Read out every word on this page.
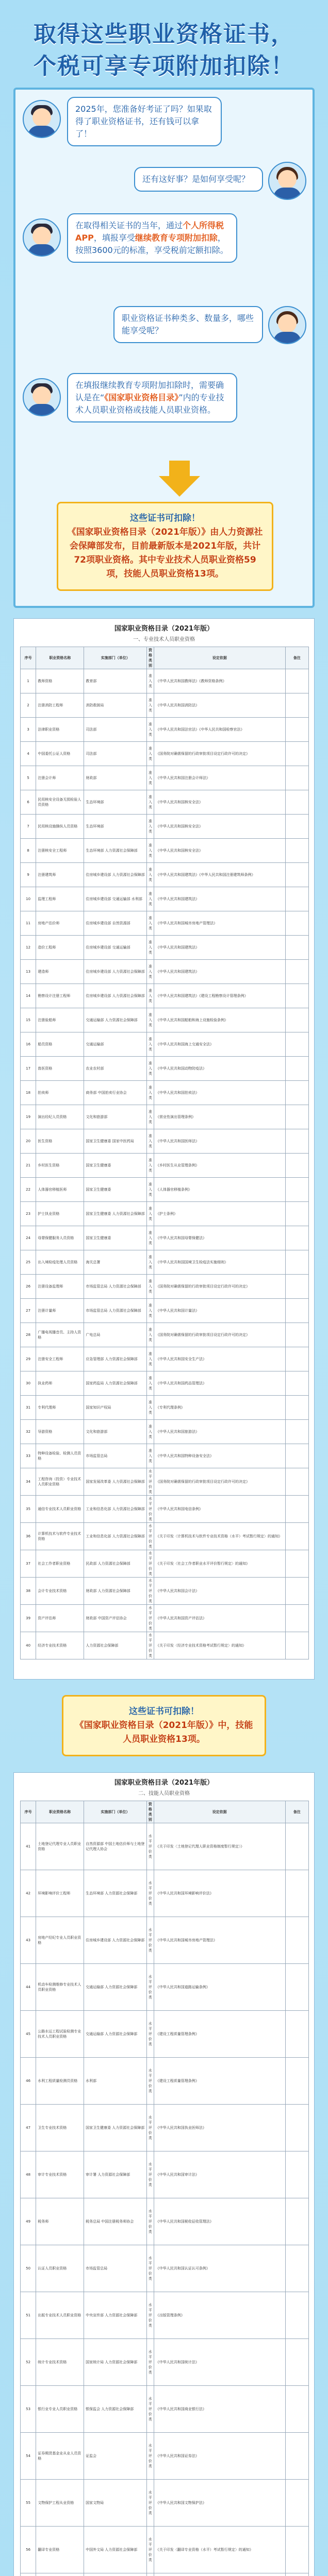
取得这些职业资格证书，
个税可享专项附加扣除！
2025年，您准备好考证了吗？如果取得了职业资格证书，还有钱可以拿了！
还有这好事？是如何享受呢？
在取得相关证书的当年，通过个人所得税APP，填报享受继续教育专项附加扣除，按照3600元的标准，享受税前定额扣除。
职业资格证书种类多、数量多，哪些能享受呢？
在填报继续教育专项附加扣除时，需要确认是在“《国家职业资格目录》”内的专业技术人员职业资格或技能人员职业资格。
这些证书可扣除！
《国家职业资格目录（2021年版）》由人力资源社会保障部发布，目前最新版本是2021年版，共计72项职业资格。其中专业技术人员职业资格59项，技能人员职业资格13项。
国家职业资格目录（2021年版）
一、专业技术人员职业资格
序号	职业资格名称	实施部门（单位）	资格类别	设定依据	备注
1	教师资格	教育部	准入类	《中华人民共和国教师法》《教师资格条例》	
2	注册消防工程师	消防救援局	准入类	《中华人民共和国消防法》	
3	法律职业资格	司法部	准入类	《中华人民共和国法官法》《中华人民共和国检察官法》	
4	中国委托公证人资格	司法部	准入类	《国务院对确需保留的行政审批项目设定行政许可的决定》	
5	注册会计师	财政部	准入类	《中华人民共和国注册会计师法》	
6	民用核安全设备无损检验人员资格	生态环境部	准入类	《中华人民共和国核安全法》	
7	民用核设施操纵人员资格	生态环境部	准入类	《中华人民共和国核安全法》	
8	注册核安全工程师	生态环境部 人力资源社会保障部	准入类	《中华人民共和国核安全法》	
9	注册建筑师	住房城乡建设部 人力资源社会保障部	准入类	《中华人民共和国建筑法》《中华人民共和国注册建筑师条例》	
10	监理工程师	住房城乡建设部 交通运输部 水利部	准入类	《中华人民共和国建筑法》	
11	房地产估价师	住房城乡建设部 自然资源部	准入类	《中华人民共和国城市房地产管理法》	
12	造价工程师	住房城乡建设部 交通运输部	准入类	《中华人民共和国建筑法》	
13	建造师	住房城乡建设部 人力资源社会保障部	准入类	《中华人民共和国建筑法》	
14	勘察设计注册工程师	住房城乡建设部 人力资源社会保障部	准入类	《中华人民共和国建筑法》《建设工程勘察设计管理条例》	
15	注册验船师	交通运输部 人力资源社会保障部	准入类	《中华人民共和国船舶和海上设施检验条例》	
16	船员资格	交通运输部	准入类	《中华人民共和国海上交通安全法》	
17	兽医资格	农业农村部	准入类	《中华人民共和国动物防疫法》	
18	拍卖师	商务部 中国拍卖行业协会	准入类	《中华人民共和国拍卖法》	
19	演出经纪人员资格	文化和旅游部	准入类	《营业性演出管理条例》	
20	医生资格	国家卫生健康委 国家中医药局	准入类	《中华人民共和国医师法》	
21	乡村医生资格	国家卫生健康委	准入类	《乡村医生从业管理条例》	
22	人体器官移植医师	国家卫生健康委	准入类	《人体器官移植条例》	
23	护士执业资格	国家卫生健康委 人力资源社会保障部	准入类	《护士条例》	
24	母婴保健服务人员资格	国家卫生健康委	准入类	《中华人民共和国母婴保健法》	
25	出入境检疫处理人员资格	海关总署	准入类	《中华人民共和国国境卫生检疫法实施细则》	
26	注册设备监理师	市场监管总局 人力资源社会保障部	准入类	《国务院对确需保留的行政审批项目设定行政许可的决定》	
27	注册计量师	市场监管总局 人力资源社会保障部	准入类	《中华人民共和国计量法》	
28	广播电视播音员、主持人资格	广电总局	准入类	《国务院对确需保留的行政审批项目设定行政许可的决定》	
29	注册安全工程师	应急管理部 人力资源社会保障部	准入类	《中华人民共和国安全生产法》	
30	执业药师	国家药监局 人力资源社会保障部	准入类	《中华人民共和国药品管理法》	
31	专利代理师	国家知识产权局	准入类	《专利代理条例》	
32	导游资格	文化和旅游部	准入类	《中华人民共和国旅游法》	
33	特种设备检验、检测人员资格	市场监管总局	准入类	《中华人民共和国特种设备安全法》	
34	工程咨询（投资）专业技术人员职业资格	国家发展改革委 人力资源社会保障部	水平评价类	《国务院对确需保留的行政审批项目设定行政许可的决定》	
35	通信专业技术人员职业资格	工业和信息化部 人力资源社会保障部	水平评价类	《中华人民共和国电信条例》	
36	计算机技术与软件专业技术资格	工业和信息化部 人力资源社会保障部	水平评价类	《关于印发〈计算机技术与软件专业技术资格（水平）考试暂行规定〉的通知》	
37	社会工作者职业资格	民政部 人力资源社会保障部	水平评价类	《关于印发〈社会工作者职业水平评价暂行规定〉的通知》	
38	会计专业技术资格	财政部 人力资源社会保障部	水平评价类	《中华人民共和国会计法》	
39	资产评估师	财政部 中国资产评估协会	水平评价类	《中华人民共和国资产评估法》	
40	经济专业技术资格	人力资源社会保障部	水平评价类	《关于印发〈经济专业技术资格考试暂行规定〉的通知》	
这些证书可扣除！
《国家职业资格目录（2021年版）》中，技能人员职业资格13项。
国家职业资格目录（2021年版）
二、技能人员职业资格
序号	职业资格名称	实施部门（单位）	资格类别	设定依据	备注
41	土地登记代理专业人员职业资格	自然资源部 中国土地估价师与土地登记代理人协会	水平评价类	《关于印发〈土地登记代理人职业资格制度暂行规定〉》	
42	环境影响评价工程师	生态环境部 人力资源社会保障部	水平评价类	《中华人民共和国环境影响评价法》	
43	房地产经纪专业人员职业资格	住房城乡建设部 人力资源社会保障部	水平评价类	《中华人民共和国城市房地产管理法》	
44	机动车检测维修专业技术人员职业资格	交通运输部 人力资源社会保障部	水平评价类	《中华人民共和国道路运输条例》	
45	公路水运工程试验检测专业技术人员职业资格	交通运输部 人力资源社会保障部	水平评价类	《建设工程质量管理条例》	
46	水利工程质量检测员资格	水利部	水平评价类	《建设工程质量管理条例》	
47	卫生专业技术资格	国家卫生健康委 人力资源社会保障部	水平评价类	《中华人民共和国执业医师法》	
48	审计专业技术资格	审计署 人力资源社会保障部	水平评价类	《中华人民共和国审计法》	
49	税务师	税务总局 中国注册税务师协会	水平评价类	《中华人民共和国税收征收管理法》	
50	认证人员职业资格	市场监管总局	水平评价类	《中华人民共和国认证认可条例》	
51	出版专业技术人员职业资格	中央宣传部 人力资源社会保障部	水平评价类	《出版管理条例》	
52	统计专业技术资格	国家统计局 人力资源社会保障部	水平评价类	《中华人民共和国统计法》	
53	银行业专业人员职业资格	银保监会 人力资源社会保障部	水平评价类	《中华人民共和国商业银行法》	
54	证券期货基金业从业人员资格	证监会	水平评价类	《中华人民共和国证券法》	
55	文物保护工程从业资格	国家文物局	水平评价类	《中华人民共和国文物保护法》	
56	翻译专业资格	中国外文局 人力资源社会保障部	水平评价类	《关于印发〈翻译专业资格（水平）考试暂行规定〉的通知》	
